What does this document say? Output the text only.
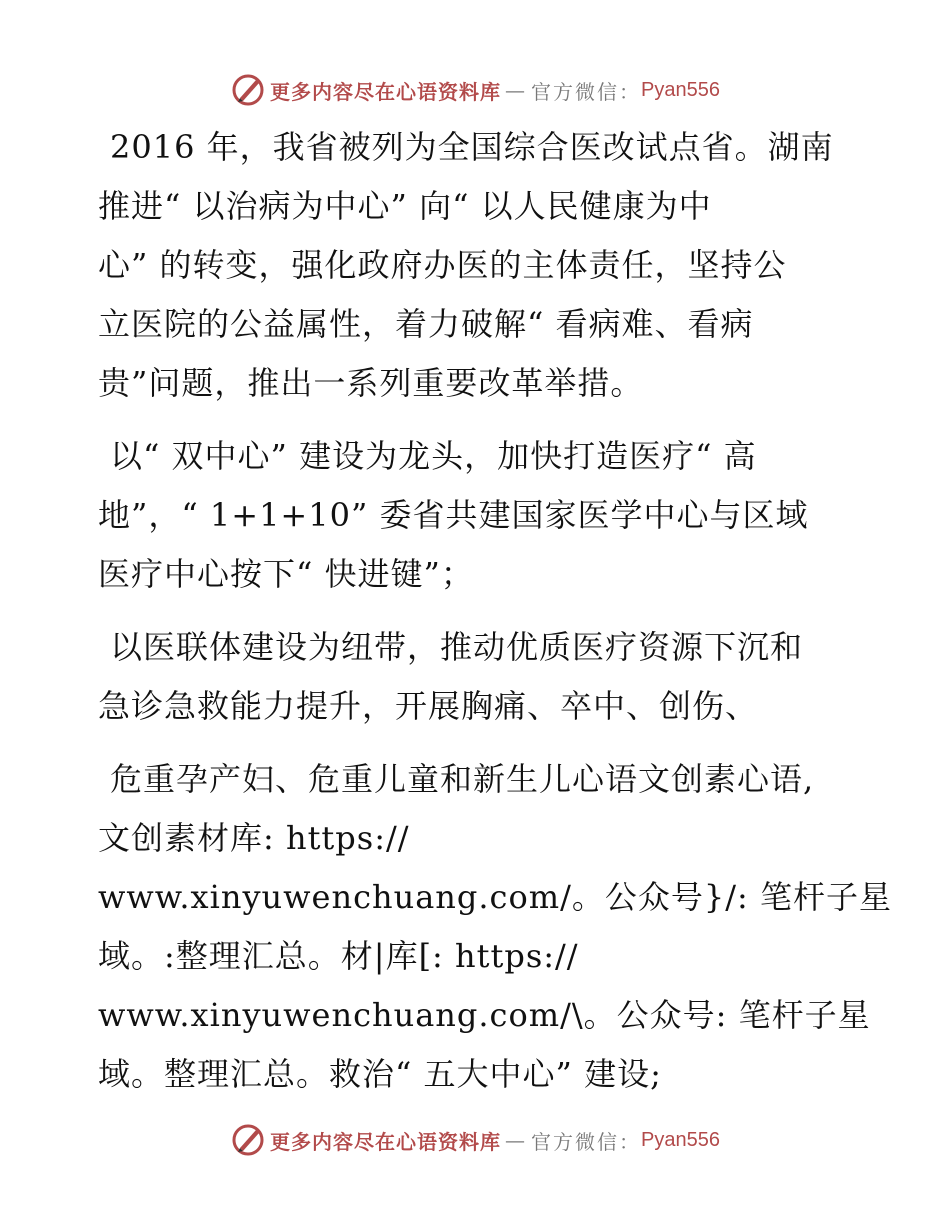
更多内容尽在心语资料库 — 官方微信： Pyan556
2016 年，我省被列为全国综合医改试点省。湖南
推进“ 以治病为中心” 向“ 以人民健康为中
心” 的转变，强化政府办医的主体责任，坚持公
立医院的公益属性，着力破解“ 看病难、看病
贵”问题，推出一系列重要改革举措。
以“ 双中心” 建设为龙头，加快打造医疗“ 高
地”，“ 1+1+10” 委省共建国家医学中心与区域
医疗中心按下“ 快进键”；
以医联体建设为纽带，推动优质医疗资源下沉和
急诊急救能力提升，开展胸痛、卒中、创伤、
危重孕产妇、危重儿童和新生儿心语文创素心语,
文创素材库: https://
www.xinyuwenchuang.com/。公众号}/: 笔杆子星
域。:整理汇总。材|库[: https://
www.xinyuwenchuang.com/\。公众号: 笔杆子星
域。整理汇总。救治“ 五大中心” 建设;
更多内容尽在心语资料库 — 官方微信： Pyan556
